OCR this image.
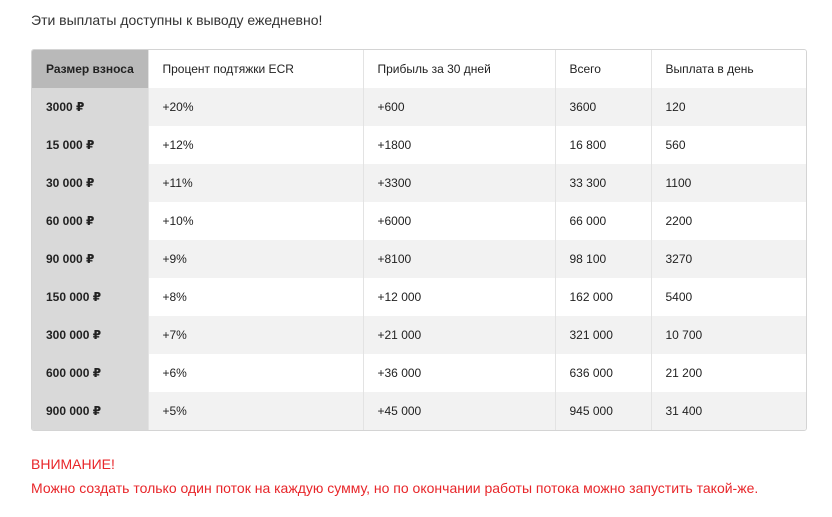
Эти выплаты доступны к выводу ежедневно!

Размер взноса	Процент подтяжки ECR	Прибыль за 30 дней	Всего	Выплата в день
3000 ₽	+20%	+600	3600	120
15 000 ₽	+12%	+1800	16 800	560
30 000 ₽	+11%	+3300	33 300	1100
60 000 ₽	+10%	+6000	66 000	2200
90 000 ₽	+9%	+8100	98 100	3270
150 000 ₽	+8%	+12 000	162 000	5400
300 000 ₽	+7%	+21 000	321 000	10 700
600 000 ₽	+6%	+36 000	636 000	21 200
900 000 ₽	+5%	+45 000	945 000	31 400

ВНИМАНИЕ!
Можно создать только один поток на каждую сумму, но по окончании работы потока можно запустить такой-же.
